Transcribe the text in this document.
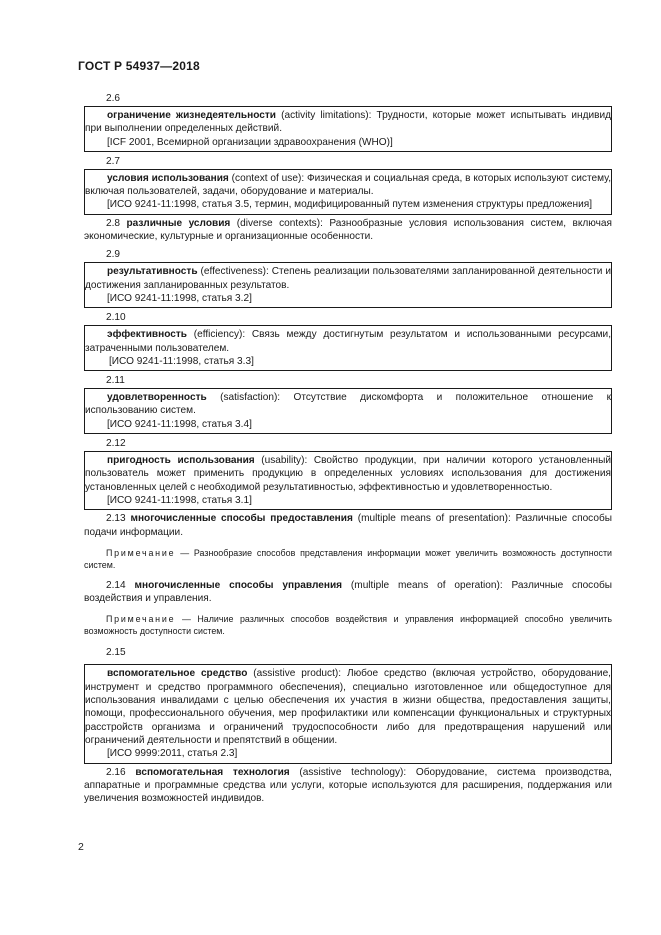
ГОСТ Р 54937—2018
2.6
ограничение жизнедеятельности (activity limitations): Трудности, которые может испытывать индивид при выполнении определенных действий.
[ICF 2001, Всемирной организации здравоохранения (WHO)]
2.7
условия использования (context of use): Физическая и социальная среда, в которых используют систему, включая пользователей, задачи, оборудование и материалы.
[ИСО 9241-11:1998, статья 3.5, термин, модифицированный путем изменения структуры предложения]
2.8 различные условия (diverse contexts): Разнообразные условия использования систем, включая экономические, культурные и организационные особенности.
2.9
результативность (effectiveness): Степень реализации пользователями запланированной деятельности и достижения запланированных результатов.
[ИСО 9241-11:1998, статья 3.2]
2.10
эффективность (efficiency): Связь между достигнутым результатом и использованными ресурсами, затраченными пользователем.
[ИСО 9241-11:1998, статья 3.3]
2.11
удовлетворенность (satisfaction): Отсутствие дискомфорта и положительное отношение к использованию систем.
[ИСО 9241-11:1998, статья 3.4]
2.12
пригодность использования (usability): Свойство продукции, при наличии которого установленный пользователь может применить продукцию в определенных условиях использования для достижения установленных целей с необходимой результативностью, эффективностью и удовлетворенностью.
[ИСО 9241-11:1998, статья 3.1]
2.13 многочисленные способы предоставления (multiple means of presentation): Различные способы подачи информации.
Примечание — Разнообразие способов представления информации может увеличить возможность доступности систем.
2.14 многочисленные способы управления (multiple means of operation): Различные способы воздействия и управления.
Примечание — Наличие различных способов воздействия и управления информацией способно увеличить возможность доступности систем.
2.15
вспомогательное средство (assistive product): Любое средство (включая устройство, оборудование, инструмент и средство программного обеспечения), специально изготовленное или общедоступное для использования инвалидами с целью обеспечения их участия в жизни общества, предоставления защиты, помощи, профессионального обучения, мер профилактики или компенсации функциональных и структурных расстройств организма и ограничений трудоспособности либо для предотвращения нарушений или ограничений деятельности и препятствий в общении.
[ИСО 9999:2011, статья 2.3]
2.16 вспомогательная технология (assistive technology): Оборудование, система производства, аппаратные и программные средства или услуги, которые используются для расширения, поддержания или увеличения возможностей индивидов.
2
